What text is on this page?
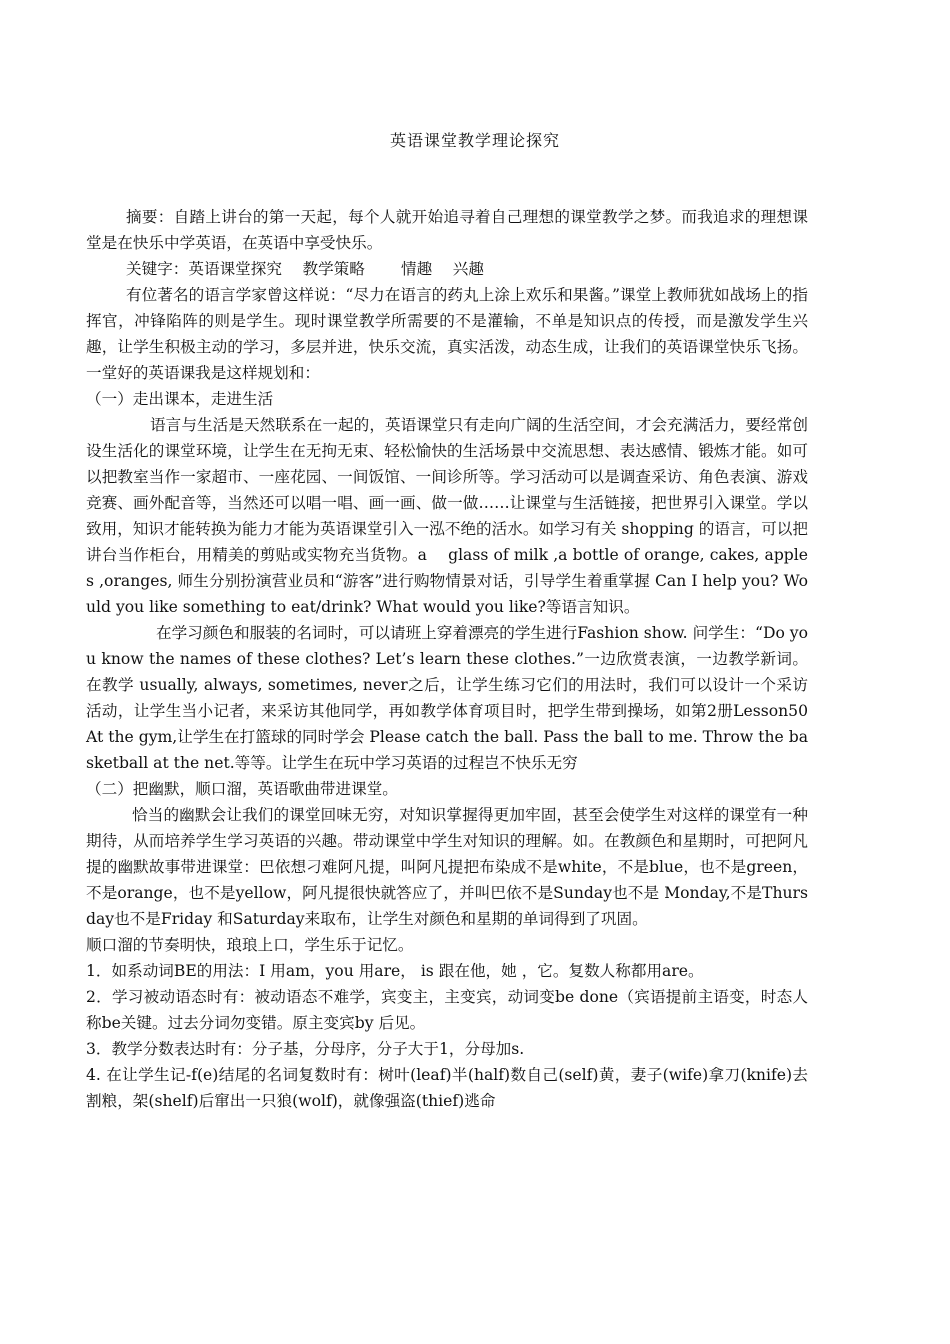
英语课堂教学理论探究

摘要：自踏上讲台的第一天起，每个人就开始追寻着自己理想的课堂教学之梦。而我追求的理想课堂是在快乐中学英语，在英语中享受快乐。

关键字：英语课堂探究　 教学策略　　 情趣　 兴趣

有位著名的语言学家曾这样说：“尽力在语言的药丸上涂上欢乐和果酱。”课堂上教师犹如战场上的指挥官，冲锋陷阵的则是学生。现时课堂教学所需要的不是灌输，不单是知识点的传授，而是激发学生兴趣，让学生积极主动的学习，多层并进，快乐交流，真实活泼，动态生成，让我们的英语课堂快乐飞扬。一堂好的英语课我是这样规划和：

（一）走出课本，走进生活

语言与生活是天然联系在一起的，英语课堂只有走向广阔的生活空间，才会充满活力，要经常创设生活化的课堂环境，让学生在无拘无束、轻松愉快的生活场景中交流思想、表达感情、锻炼才能。如可以把教室当作一家超市、一座花园、一间饭馆、一间诊所等。学习活动可以是调查采访、角色表演、游戏竞赛、画外配音等，当然还可以唱一唱、画一画、做一做……让课堂与生活链接，把世界引入课堂。学以致用，知识才能转换为能力才能为英语课堂引入一泓不绝的活水。如学习有关 shopping 的语言，可以把讲台当作柜台，用精美的剪贴或实物充当货物。a　 glass of milk ,a bottle of orange, cakes, apples ,oranges, 师生分别扮演营业员和“游客”进行购物情景对话，引导学生着重掌握 Can I help you? Would you like something to eat/drink? What would you like?等语言知识。

在学习颜色和服装的名词时，可以请班上穿着漂亮的学生进行Fashion show. 问学生：“Do you know the names of these clothes? Let’s learn these clothes.”一边欣赏表演，一边教学新词。在教学 usually, always, sometimes, never之后，让学生练习它们的用法时，我们可以设计一个采访活动，让学生当小记者，来采访其他同学，再如教学体育项目时，把学生带到操场，如第2册Lesson50 At the gym,让学生在打篮球的同时学会 Please catch the ball. Pass the ball to me. Throw the basketball at the net.等等。让学生在玩中学习英语的过程岂不快乐无穷

（二）把幽默，顺口溜，英语歌曲带进课堂。

恰当的幽默会让我们的课堂回味无穷，对知识掌握得更加牢固，甚至会使学生对这样的课堂有一种期待，从而培养学生学习英语的兴趣。带动课堂中学生对知识的理解。如。在教颜色和星期时，可把阿凡提的幽默故事带进课堂：巴依想刁难阿凡提，叫阿凡提把布染成不是white，不是blue，也不是green，不是orange，也不是yellow，阿凡提很快就答应了，并叫巴依不是Sunday也不是 Monday,不是Thursday也不是Friday 和Saturday来取布，让学生对颜色和星期的单词得到了巩固。

顺口溜的节奏明快，琅琅上口，学生乐于记忆。

1．如系动词BE的用法：I 用am，you 用are， is 跟在他，她 ，它。复数人称都用are。

2．学习被动语态时有：被动语态不难学，宾变主，主变宾，动词变be done（宾语提前主语变，时态人称be关键。过去分词勿变错。原主变宾by 后见。

3．教学分数表达时有：分子基，分母序，分子大于1，分母加s.

4. 在让学生记-f(e)结尾的名词复数时有：树叶(leaf)半(half)数自己(self)黄，妻子(wife)拿刀(knife)去割粮，架(shelf)后窜出一只狼(wolf)，就像强盗(thief)逃命
